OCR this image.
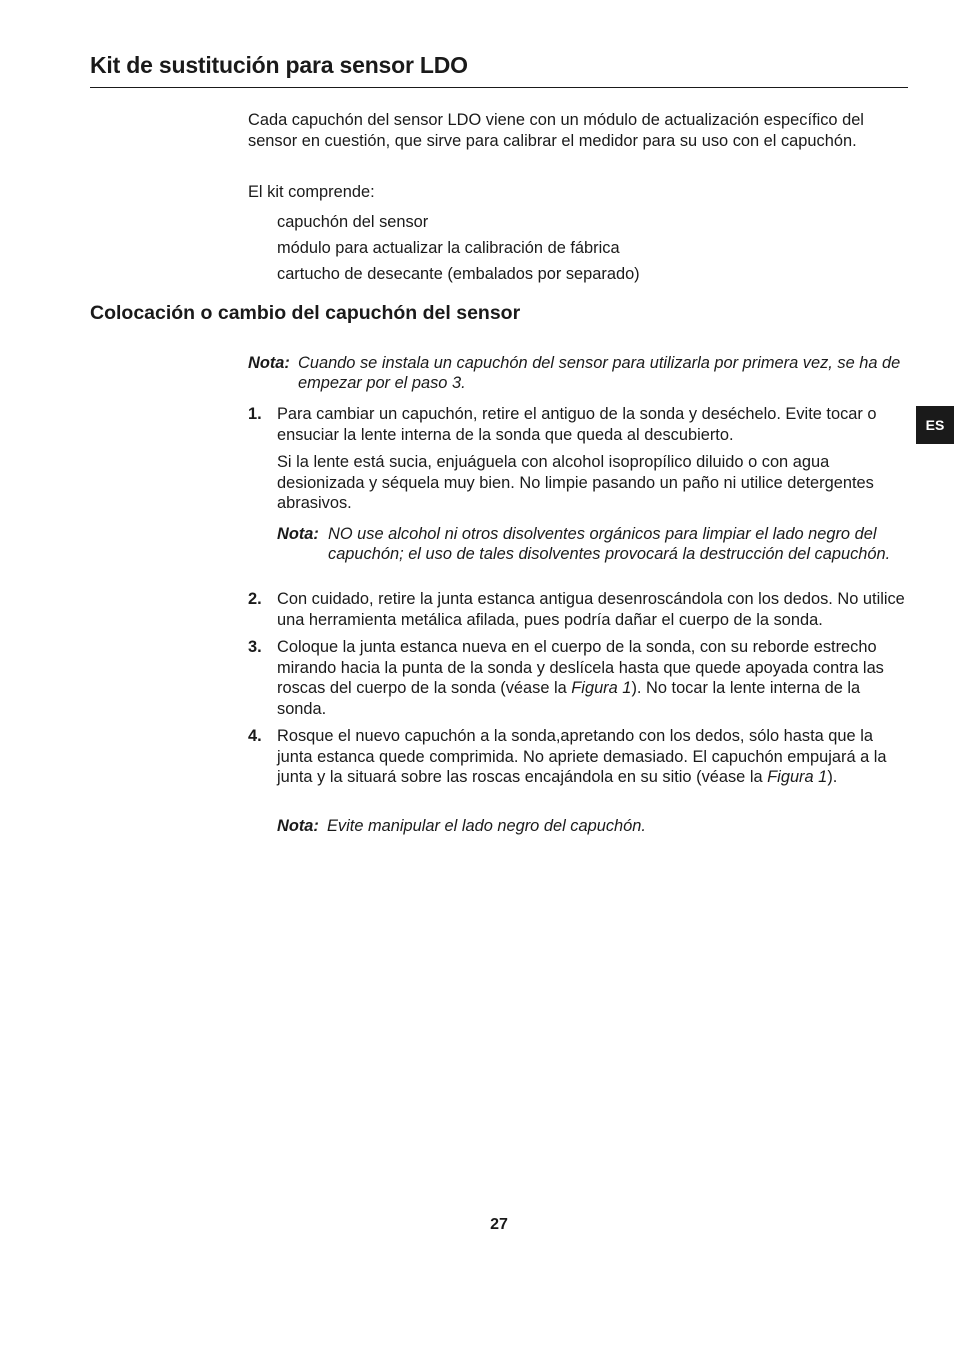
Kit de sustitución para sensor LDO
ES

Cada capuchón del sensor LDO viene con un módulo de actualización específico del sensor en cuestión, que sirve para calibrar el medidor para su uso con el capuchón.

El kit comprende:
capuchón del sensor
módulo para actualizar la calibración de fábrica
cartucho de desecante (embalados por separado)
Colocación o cambio del capuchón del sensor
Nota: Cuando se instala un capuchón del sensor para utilizarla por primera vez, se ha de empezar por el paso 3.
1. Para cambiar un capuchón, retire el antiguo de la sonda y deséchelo. Evite tocar o ensuciar la lente interna de la sonda que queda al descubierto.
Si la lente está sucia, enjuáguela con alcohol isopropílico diluido o con agua desionizada y séquela muy bien. No limpie pasando un paño ni utilice detergentes abrasivos.
Nota: NO use alcohol ni otros disolventes orgánicos para limpiar el lado negro del capuchón; el uso de tales disolventes provocará la destrucción del capuchón.
2. Con cuidado, retire la junta estanca antigua desenroscándola con los dedos. No utilice una herramienta metálica afilada, pues podría dañar el cuerpo de la sonda.
3. Coloque la junta estanca nueva en el cuerpo de la sonda, con su reborde estrecho mirando hacia la punta de la sonda y deslícela hasta que quede apoyada contra las roscas del cuerpo de la sonda (véase la Figura 1). No tocar la lente interna de la sonda.
4. Rosque el nuevo capuchón a la sonda,apretando con los dedos, sólo hasta que la junta estanca quede comprimida. No apriete demasiado. El capuchón empujará a la junta y la situará sobre las roscas encajándola en su sitio (véase la Figura 1).
Nota: Evite manipular el lado negro del capuchón.
27
